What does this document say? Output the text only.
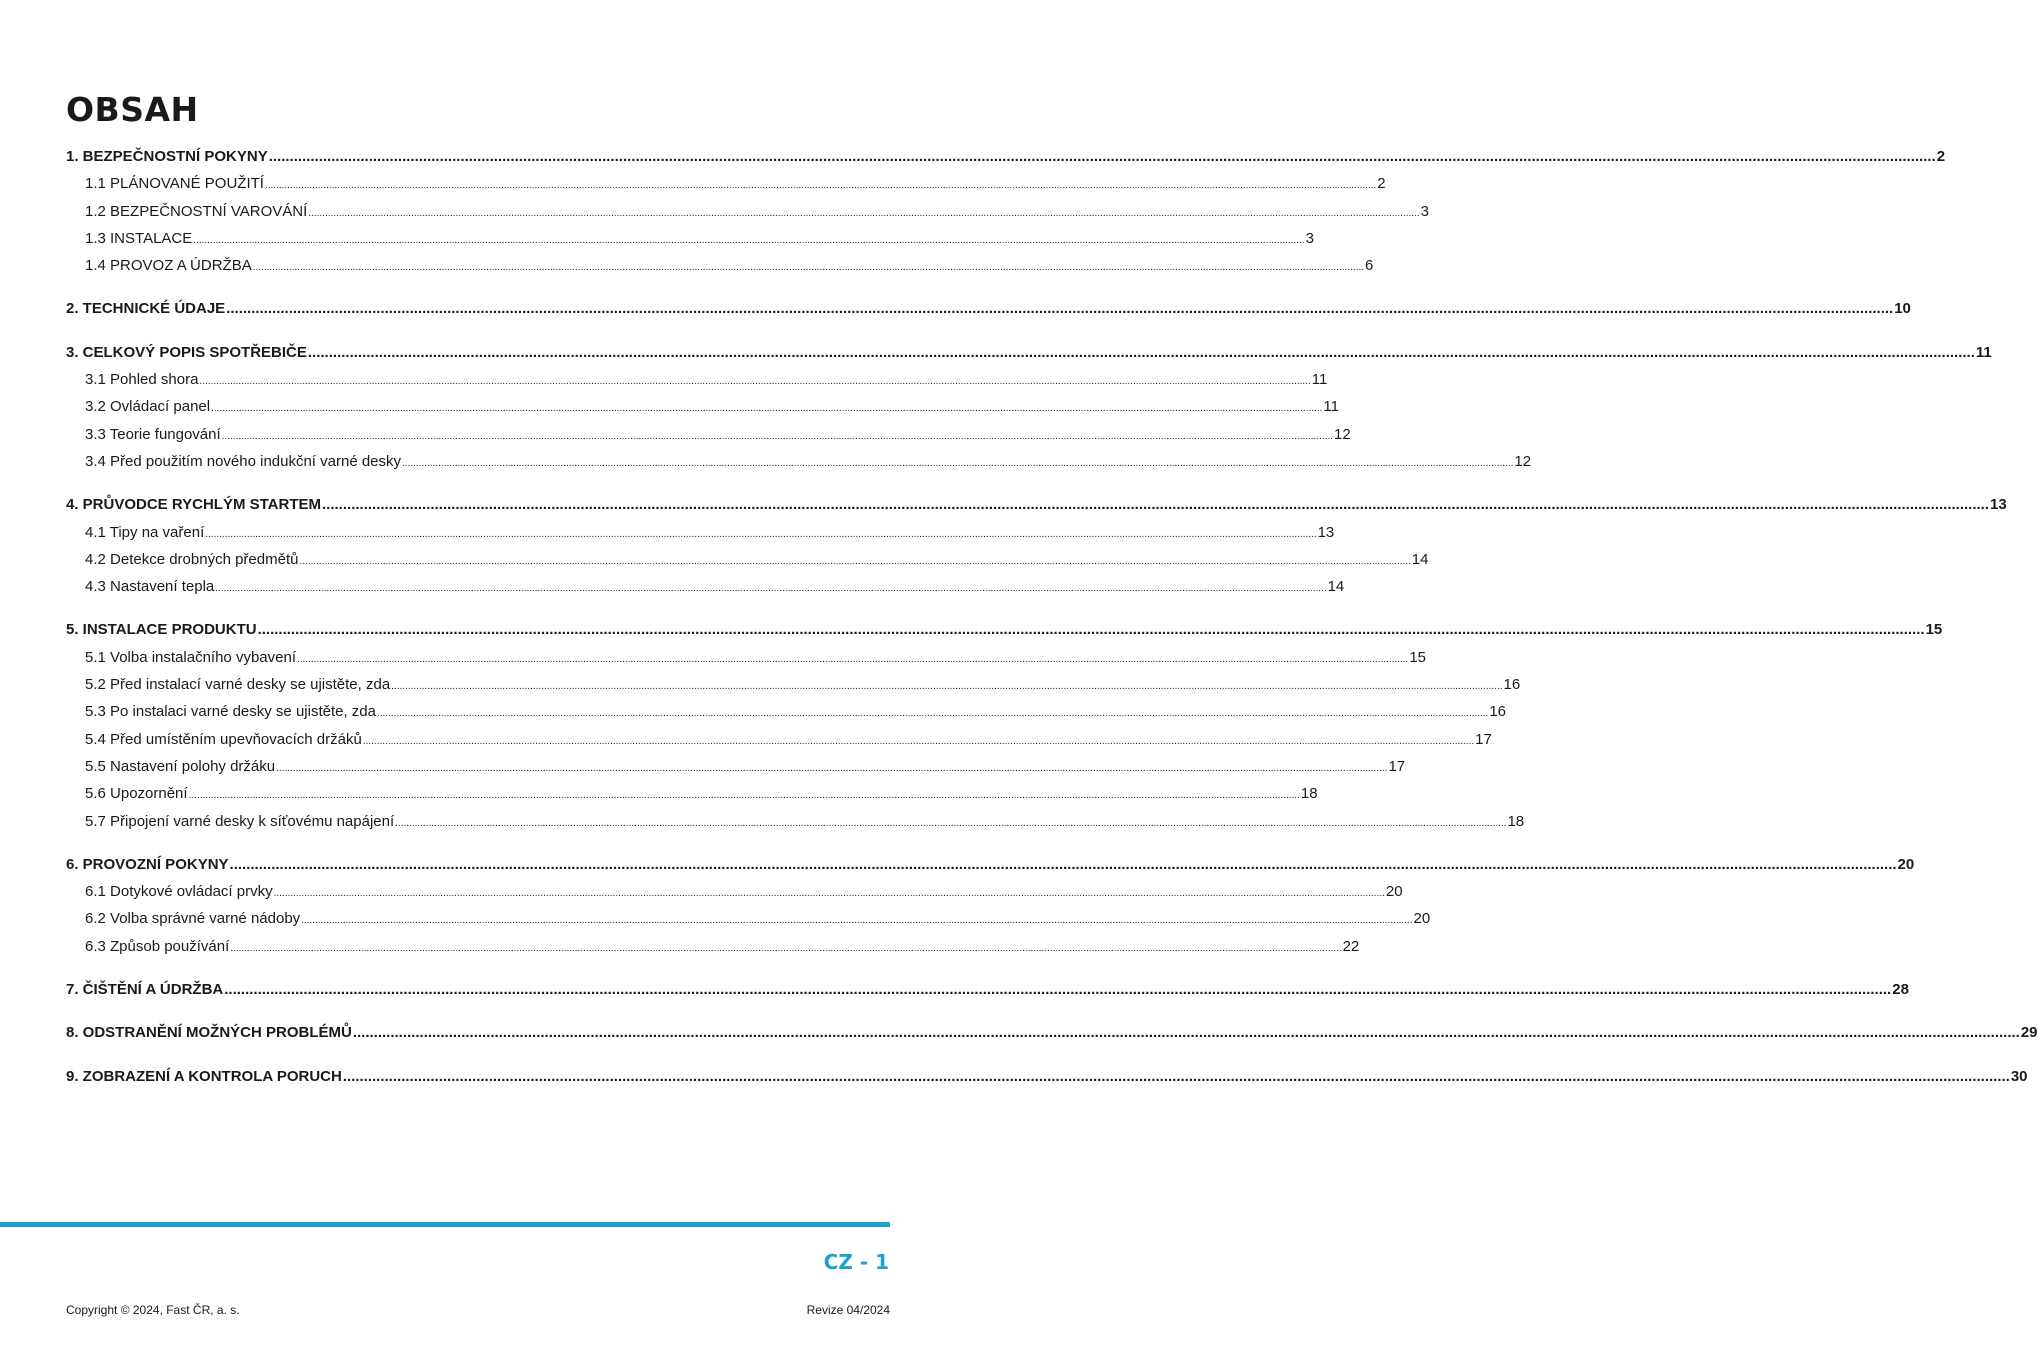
OBSAH
1. BEZPEČNOSTNÍ POKYNY ................................................................................................................................................................................................................................................................................................................................................................................................................ 2
1.1 PLÁNOVANÉ POUŽITÍ ................................................................................................................................................................................................................................................................................................................................................................................................................ 2
1.2 BEZPEČNOSTNÍ VAROVÁNÍ ................................................................................................................................................................................................................................................................................................................................................................................................................ 3
1.3 INSTALACE ................................................................................................................................................................................................................................................................................................................................................................................................................ 3
1.4 PROVOZ A ÚDRŽBA ................................................................................................................................................................................................................................................................................................................................................................................................................ 6
2. TECHNICKÉ ÚDAJE ................................................................................................................................................................................................................................................................................................................................................................................................................ 10
3. CELKOVÝ POPIS SPOTŘEBIČE ................................................................................................................................................................................................................................................................................................................................................................................................................ 11
3.1 Pohled shora ................................................................................................................................................................................................................................................................................................................................................................................................................ 11
3.2 Ovládací panel ................................................................................................................................................................................................................................................................................................................................................................................................................ 11
3.3 Teorie fungování ................................................................................................................................................................................................................................................................................................................................................................................................................ 12
3.4 Před použitím nového indukční varné desky ................................................................................................................................................................................................................................................................................................................................................................................................................ 12
4. PRŮVODCE RYCHLÝM STARTEM ................................................................................................................................................................................................................................................................................................................................................................................................................ 13
4.1 Tipy na vaření ................................................................................................................................................................................................................................................................................................................................................................................................................ 13
4.2 Detekce drobných předmětů ................................................................................................................................................................................................................................................................................................................................................................................................................ 14
4.3 Nastavení tepla ................................................................................................................................................................................................................................................................................................................................................................................................................ 14
5. INSTALACE PRODUKTU ................................................................................................................................................................................................................................................................................................................................................................................................................ 15
5.1 Volba instalačního vybavení ................................................................................................................................................................................................................................................................................................................................................................................................................ 15
5.2 Před instalací varné desky se ujistěte, zda ................................................................................................................................................................................................................................................................................................................................................................................................................ 16
5.3 Po instalaci varné desky se ujistěte, zda ................................................................................................................................................................................................................................................................................................................................................................................................................ 16
5.4 Před umístěním upevňovacích držáků ................................................................................................................................................................................................................................................................................................................................................................................................................ 17
5.5 Nastavení polohy držáku ................................................................................................................................................................................................................................................................................................................................................................................................................ 17
5.6 Upozornění ................................................................................................................................................................................................................................................................................................................................................................................................................ 18
5.7 Připojení varné desky k síťovému napájení ................................................................................................................................................................................................................................................................................................................................................................................................................ 18
6. PROVOZNÍ POKYNY ................................................................................................................................................................................................................................................................................................................................................................................................................ 20
6.1 Dotykové ovládací prvky ................................................................................................................................................................................................................................................................................................................................................................................................................ 20
6.2 Volba správné varné nádoby ................................................................................................................................................................................................................................................................................................................................................................................................................ 20
6.3 Způsob používání ................................................................................................................................................................................................................................................................................................................................................................................................................ 22
7. ČIŠTĚNÍ A ÚDRŽBA ................................................................................................................................................................................................................................................................................................................................................................................................................ 28
8. ODSTRANĚNÍ MOŽNÝCH PROBLÉMŮ ................................................................................................................................................................................................................................................................................................................................................................................................................ 29
9. ZOBRAZENÍ A KONTROLA PORUCH ................................................................................................................................................................................................................................................................................................................................................................................................................ 30
CZ - 1
Copyright © 2024, Fast ČR, a. s.	Revize 04/2024
